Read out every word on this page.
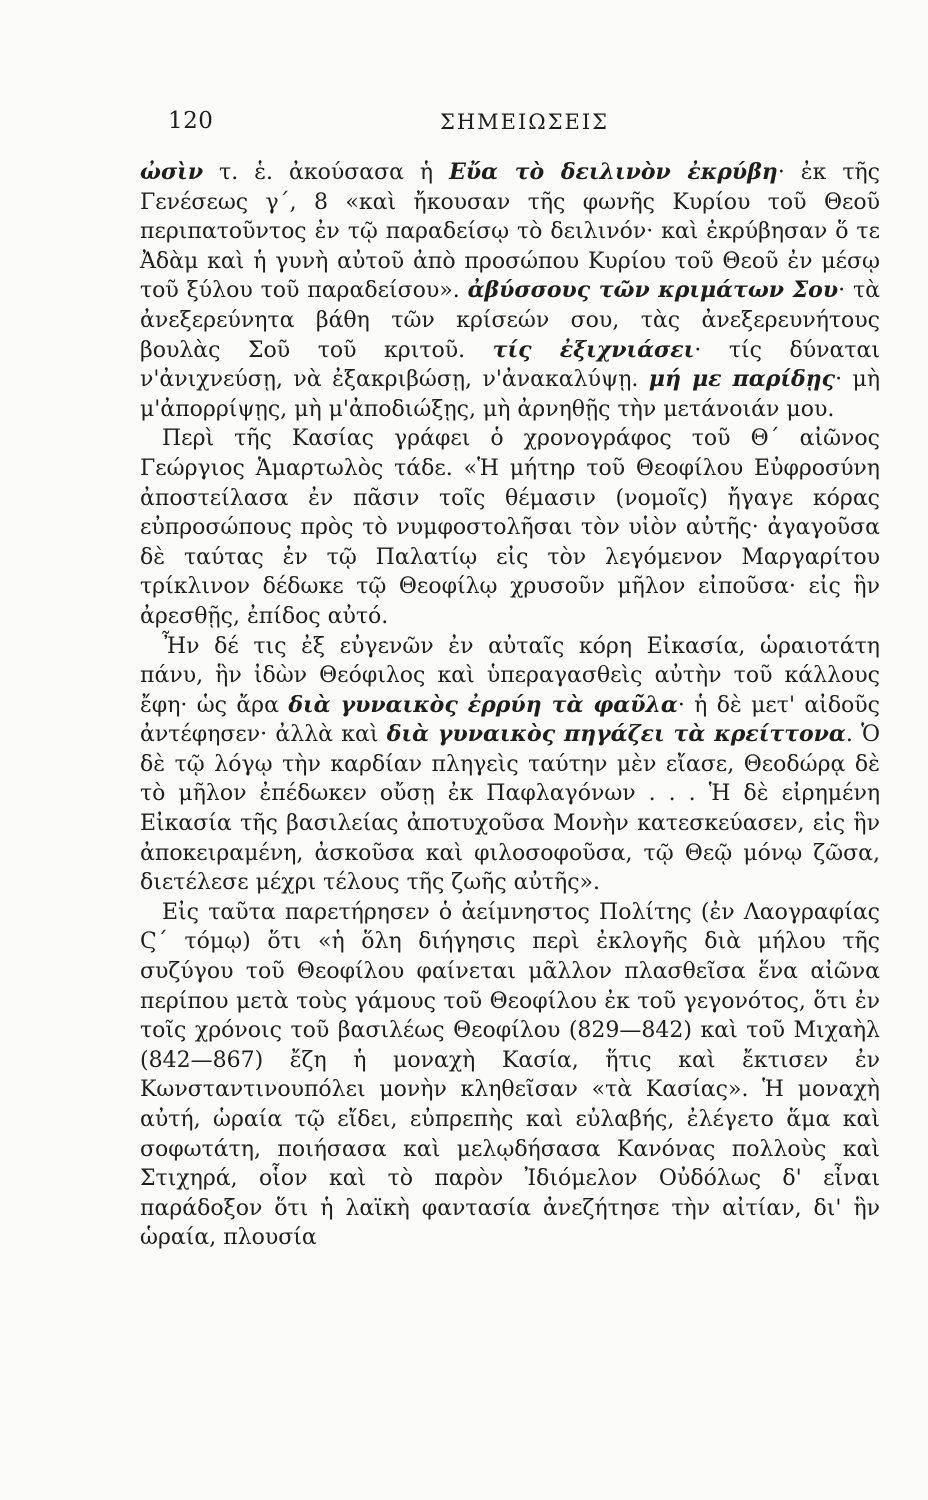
120	ΣΗΜΕΙΩΣΕΙΣ

ὠσὶν τ. ἑ. ἀκούσασα ἡ Εὔα τὸ δειλινὸν ἐκρύβη· ἐκ τῆς Γενέσεως γ΄, 8 «καὶ ἤκουσαν τῆς φωνῆς Κυρίου τοῦ Θεοῦ περιπατοῦντος ἐν τῷ παραδείσῳ τὸ δειλινόν· καὶ ἐκρύβησαν ὅ τε Ἀδὰμ καὶ ἡ γυνὴ αὐτοῦ ἀπὸ προσώπου Κυρίου τοῦ Θεοῦ ἐν μέσῳ τοῦ ξύλου τοῦ παραδείσου». ἀβύσσους τῶν κριμάτων Σου· τὰ ἀνεξερεύνητα βάθη τῶν κρίσεών σου, τὰς ἀνεξερευνήτους βουλὰς Σοῦ τοῦ κριτοῦ. τίς ἐξιχνιάσει· τίς δύναται ν'ἀνιχνεύσῃ, νὰ ἐξακριβώσῃ, ν'ἀνακαλύψῃ. μή με παρίδῃς· μὴ μ'ἀπορρίψῃς, μὴ μ'ἀποδιώξῃς, μὴ ἀρνηθῇς τὴν μετάνοιάν μου.

Περὶ τῆς Κασίας γράφει ὁ χρονογράφος τοῦ Θ΄ αἰῶνος Γεώργιος Ἁμαρτωλὸς τάδε. «Ἡ μήτηρ τοῦ Θεοφίλου Εὐφροσύνη ἀποστείλασα ἐν πᾶσιν τοῖς θέμασιν (νομοῖς) ἤγαγε κόρας εὐπροσώπους πρὸς τὸ νυμφοστολῆσαι τὸν υἱὸν αὐτῆς· ἀγαγοῦσα δὲ ταύτας ἐν τῷ Παλατίῳ εἰς τὸν λεγόμενον Μαργαρίτου τρίκλινον δέδωκε τῷ Θεοφίλῳ χρυσοῦν μῆλον εἰποῦσα· εἰς ἣν ἀρεσθῇς, ἐπίδος αὐτό.

Ἦν δέ τις ἐξ εὐγενῶν ἐν αὐταῖς κόρη Εἰκασία, ὡραιοτάτη πάνυ, ἣν ἰδὼν Θεόφιλος καὶ ὑπεραγασθεὶς αὐτὴν τοῦ κάλλους ἔφη· ὡς ἄρα διὰ γυναικὸς ἐρρύη τὰ φαῦλα· ἡ δὲ μετ' αἰδοῦς ἀντέφησεν· ἀλλὰ καὶ διὰ γυναικὸς πηγάζει τὰ κρείττονα. Ὁ δὲ τῷ λόγῳ τὴν καρδίαν πληγεὶς ταύτην μὲν εἴασε, Θεοδώρᾳ δὲ τὸ μῆλον ἐπέδωκεν οὔσῃ ἐκ Παφλαγόνων . . . Ἡ δὲ εἰρημένη Εἰκασία τῆς βασιλείας ἀποτυχοῦσα Μονὴν κατεσκεύασεν, εἰς ἣν ἀποκειραμένη, ἀσκοῦσα καὶ φιλοσοφοῦσα, τῷ Θεῷ μόνῳ ζῶσα, διετέλεσε μέχρι τέλους τῆς ζωῆς αὐτῆς».

Εἰς ταῦτα παρετήρησεν ὁ ἀείμνηστος Πολίτης (ἐν Λαογραφίας Ϛ΄ τόμῳ) ὅτι «ἡ ὅλη διήγησις περὶ ἐκλογῆς διὰ μήλου τῆς συζύγου τοῦ Θεοφίλου φαίνεται μᾶλλον πλασθεῖσα ἕνα αἰῶνα περίπου μετὰ τοὺς γάμους τοῦ Θεοφίλου ἐκ τοῦ γεγονότος, ὅτι ἐν τοῖς χρόνοις τοῦ βασιλέως Θεοφίλου (829—842) καὶ τοῦ Μιχαὴλ (842—867) ἔζη ἡ μοναχὴ Κασία, ἥτις καὶ ἔκτισεν ἐν Κωνσταντινουπόλει μονὴν κληθεῖσαν «τὰ Κασίας». Ἡ μοναχὴ αὐτή, ὡραία τῷ εἴδει, εὐπρεπὴς καὶ εὐλαβής, ἐλέγετο ἅμα καὶ σοφωτάτη, ποιήσασα καὶ μελῳδήσασα Κανόνας πολλοὺς καὶ Στιχηρά, οἷον καὶ τὸ παρὸν Ἰδιόμελον Οὐδόλως δ' εἶναι παράδοξον ὅτι ἡ λαϊκὴ φαντασία ἀνεζήτησε τὴν αἰτίαν, δι' ἣν ὡραία, πλουσία
